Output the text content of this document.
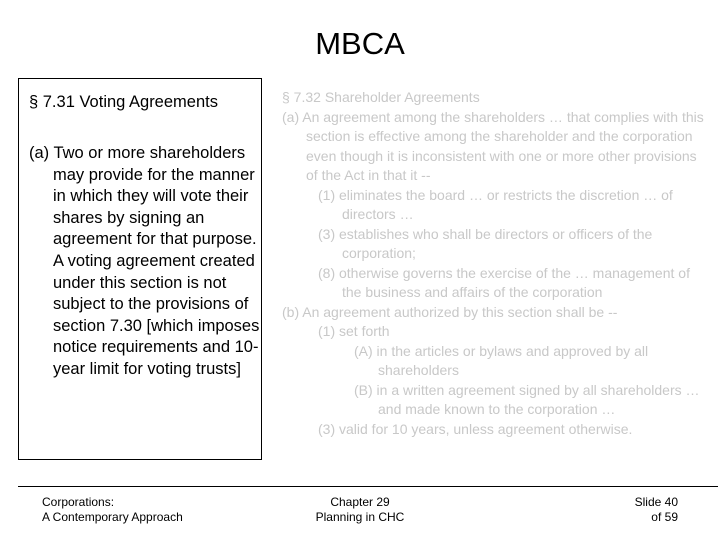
MBCA
§ 7.31 Voting Agreements

(a) Two or more shareholders may provide for the manner in which they will vote their shares by signing an agreement for that purpose. A voting agreement created under this section is not subject to the provisions of section 7.30 [which imposes notice requirements and 10-year limit for voting trusts]

§ 7.32 Shareholder Agreements
(a) An agreement among the shareholders … that complies with this section is effective among the shareholder and the corporation even though it is inconsistent with one or more other provisions of the Act in that it --
(1) eliminates the board … or restricts the discretion … of directors …
(3) establishes who shall be directors or officers of the corporation;
(8) otherwise governs the exercise of the … management of the business and affairs of the corporation
(b) An agreement authorized by this section shall be --
(1) set forth
(A) in the articles or bylaws and approved by all shareholders
(B) in a written agreement signed by all shareholders … and made known to the corporation …
(3) valid for 10 years, unless agreement otherwise.
Corporations:
A Contemporary Approach
Chapter 29
Planning in CHC
Slide 40
of 59
